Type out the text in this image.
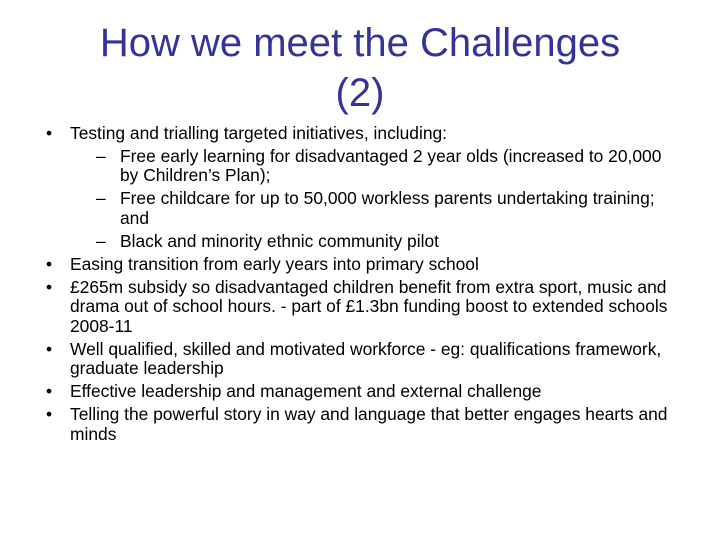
How we meet the Challenges
(2)
•	Testing and trialling targeted initiatives, including:
– Free early learning for disadvantaged 2 year olds (increased to 20,000 by Children’s Plan);
– Free childcare for up to 50,000 workless parents undertaking training; and
– Black and minority ethnic community pilot
•	Easing transition from early years into primary school
•	£265m subsidy so disadvantaged children benefit from extra sport, music and drama out of school hours. - part of £1.3bn funding boost to extended schools 2008-11
•	Well qualified, skilled and motivated workforce - eg: qualifications framework, graduate leadership
•	Effective leadership and management and external challenge
•	Telling the powerful story in way and language that better engages hearts and minds
